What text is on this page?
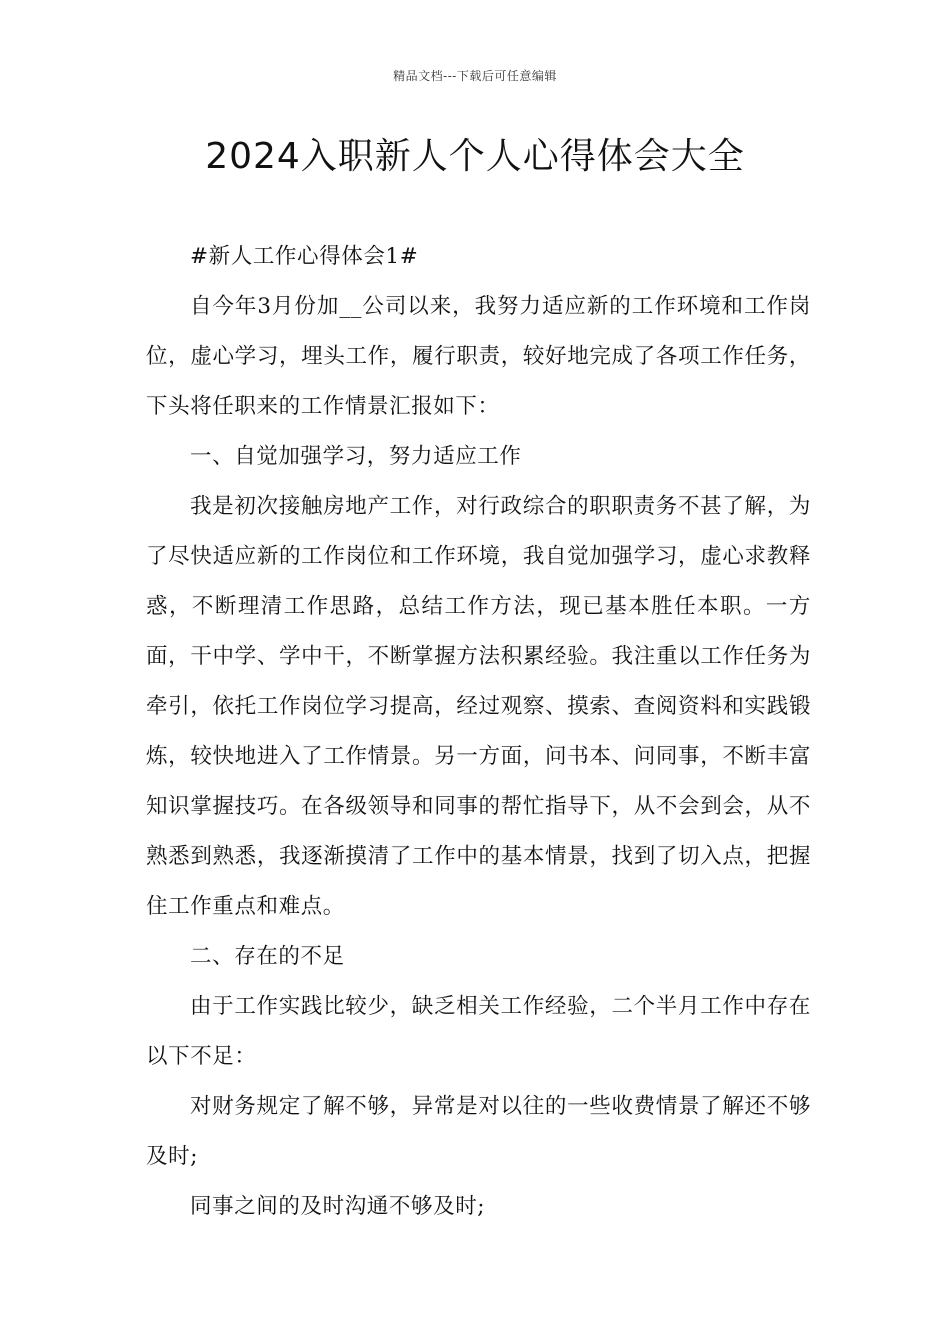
精品文档---下载后可任意编辑
2024入职新人个人心得体会大全

#新人工作心得体会1#

自今年3月份加__公司以来，我努力适应新的工作环境和工作岗位，虚心学习，埋头工作，履行职责，较好地完成了各项工作任务，下头将任职来的工作情景汇报如下：

一、自觉加强学习，努力适应工作

我是初次接触房地产工作，对行政综合的职职责务不甚了解，为了尽快适应新的工作岗位和工作环境，我自觉加强学习，虚心求教释惑，不断理清工作思路，总结工作方法，现已基本胜任本职。一方面，干中学、学中干，不断掌握方法积累经验。我注重以工作任务为牵引，依托工作岗位学习提高，经过观察、摸索、查阅资料和实践锻炼，较快地进入了工作情景。另一方面，问书本、问同事，不断丰富知识掌握技巧。在各级领导和同事的帮忙指导下，从不会到会，从不熟悉到熟悉，我逐渐摸清了工作中的基本情景，找到了切入点，把握住工作重点和难点。

二、存在的不足

由于工作实践比较少，缺乏相关工作经验，二个半月工作中存在以下不足：

对财务规定了解不够，异常是对以往的一些收费情景了解还不够及时;

同事之间的及时沟通不够及时;
